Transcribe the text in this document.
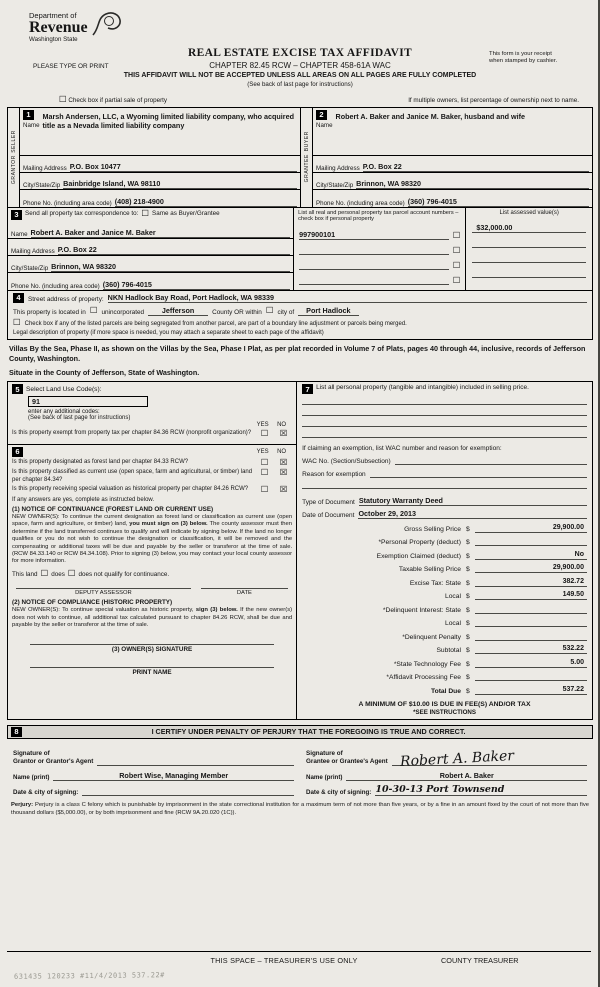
Department of
Revenue
Washington State
REAL ESTATE EXCISE TAX AFFIDAVIT	This form is your receipt
when stamped by cashier.
PLEASE TYPE OR PRINT	CHAPTER 82.45 RCW – CHAPTER 458-61A WAC
THIS AFFIDAVIT WILL NOT BE ACCEPTED UNLESS ALL AREAS ON ALL PAGES ARE FULLY COMPLETED
(See back of last page for instructions)
☐ Check box if partial sale of property	If multiple owners, list percentage of ownership next to name.
SELLER
GRANTOR
1
Name
Marsh Andersen, LLC, a Wyoming limited liability company, who acquired title as a Nevada limited liability company
Mailing Address P.O. Box 10477
City/State/Zip Bainbridge Island, WA 98110
Phone No. (including area code) (408) 218-4900
BUYER
GRANTEE
2
Name
Robert A. Baker and Janice M. Baker, husband and wife
Mailing Address P.O. Box 22
City/State/Zip Brinnon, WA 98320
Phone No. (including area code) (360) 796-4015
3	Send all property tax correspondence to: ☐ Same as Buyer/Grantee
Name Robert A. Baker and Janice M. Baker
Mailing Address P.O. Box 22
City/State/Zip Brinnon, WA 98320
Phone No. (including area code) (360) 796-4015
List all real and personal property tax parcel account numbers – check box if personal property
997900101	☐
☐
☐
☐
List assessed value(s)
$32,000.00
4	Street address of property: NKN Hadlock Bay Road, Port Hadlock, WA 98339
This property is located in ☐ unincorporated	Jefferson	County OR within ☐ city of	Port Hadlock
☐ Check box if any of the listed parcels are being segregated from another parcel, are part of a boundary line adjustment or parcels being merged.
Legal description of property (if more space is needed, you may attach a separate sheet to each page of the affidavit)
Villas By the Sea, Phase II, as shown on the Villas by the Sea, Phase I Plat, as per plat recorded in Volume 7 of Plats, pages 40 through 44, inclusive, records of Jefferson County, Washington.
Situate in the County of Jefferson, State of Washington.
5 Select Land Use Code(s):
91
enter any additional codes:
(See back of last page for instructions)
YES	NO
Is this property exempt from property tax per chapter 84.36 RCW (nonprofit organization)?	☐	☒
6	YES	NO
Is this property designated as forest land per chapter 84.33 RCW?	☐	☒
Is this property classified as current use (open space, farm and agricultural, or timber) land per chapter 84.34?
☐	☒
Is this property receiving special valuation as historical property per chapter 84.26 RCW?	☐	☒
If any answers are yes, complete as instructed below.
(1) NOTICE OF CONTINUANCE (FOREST LAND OR CURRENT USE)
NEW OWNER(S): To continue the current designation as forest land or classification as current use (open space, farm and agriculture, or timber) land, you must sign on (3) below. The county assessor must then determine if the land transferred continues to qualify and will indicate by signing below. If the land no longer qualifies or you do not wish to continue the designation or classification, it will be removed and the compensating or additional taxes will be due and payable by the seller or transferor at the time of sale. (RCW 84.33.140 or RCW 84.34.108). Prior to signing (3) below, you may contact your local county assessor for more information.
This land ☐ does ☐ does not qualify for continuance.
DEPUTY ASSESSOR	DATE
(2) NOTICE OF COMPLIANCE (HISTORIC PROPERTY)
NEW OWNER(S): To continue special valuation as historic property, sign (3) below. If the new owner(s) does not wish to continue, all additional tax calculated pursuant to chapter 84.26 RCW, shall be due and payable by the seller or transferor at the time of sale.
(3) OWNER(S) SIGNATURE
PRINT NAME
7 List all personal property (tangible and intangible) included in selling price.
If claiming an exemption, list WAC number and reason for exemption:
WAC No. (Section/Subsection)
Reason for exemption
Type of Document Statutory Warranty Deed
Date of Document October 29, 2013
Gross Selling Price $	29,900.00
*Personal Property (deduct) $
Exemption Claimed (deduct) $	No
Taxable Selling Price $	29,900.00
Excise Tax: State $	382.72
Local $	149.50
*Delinquent Interest: State $
Local $
*Delinquent Penalty $
Subtotal $	532.22
*State Technology Fee $	5.00
*Affidavit Processing Fee $
Total Due $	537.22
A MINIMUM OF $10.00 IS DUE IN FEE(S) AND/OR TAX
*SEE INSTRUCTIONS
8	I CERTIFY UNDER PENALTY OF PERJURY THAT THE FOREGOING IS TRUE AND CORRECT.
Signature of
Grantor or Grantor's Agent
Name (print)	Robert Wise, Managing Member
Date & city of signing:
Signature of
Grantee or Grantee's Agent Robert A. Baker
Name (print)	Robert A. Baker
Date & city of signing: 10-30-13 Port Townsend
Perjury: Perjury is a class C felony which is punishable by imprisonment in the state correctional institution for a maximum term of not more than five years, or by a fine in an amount fixed by the court of not more than five thousand dollars ($5,000.00), or by both imprisonment and fine (RCW 9A.20.020 (1C)).
THIS SPACE – TREASURER'S USE ONLY	COUNTY TREASURER
631435 120233 #11/4/2013 537.22#
